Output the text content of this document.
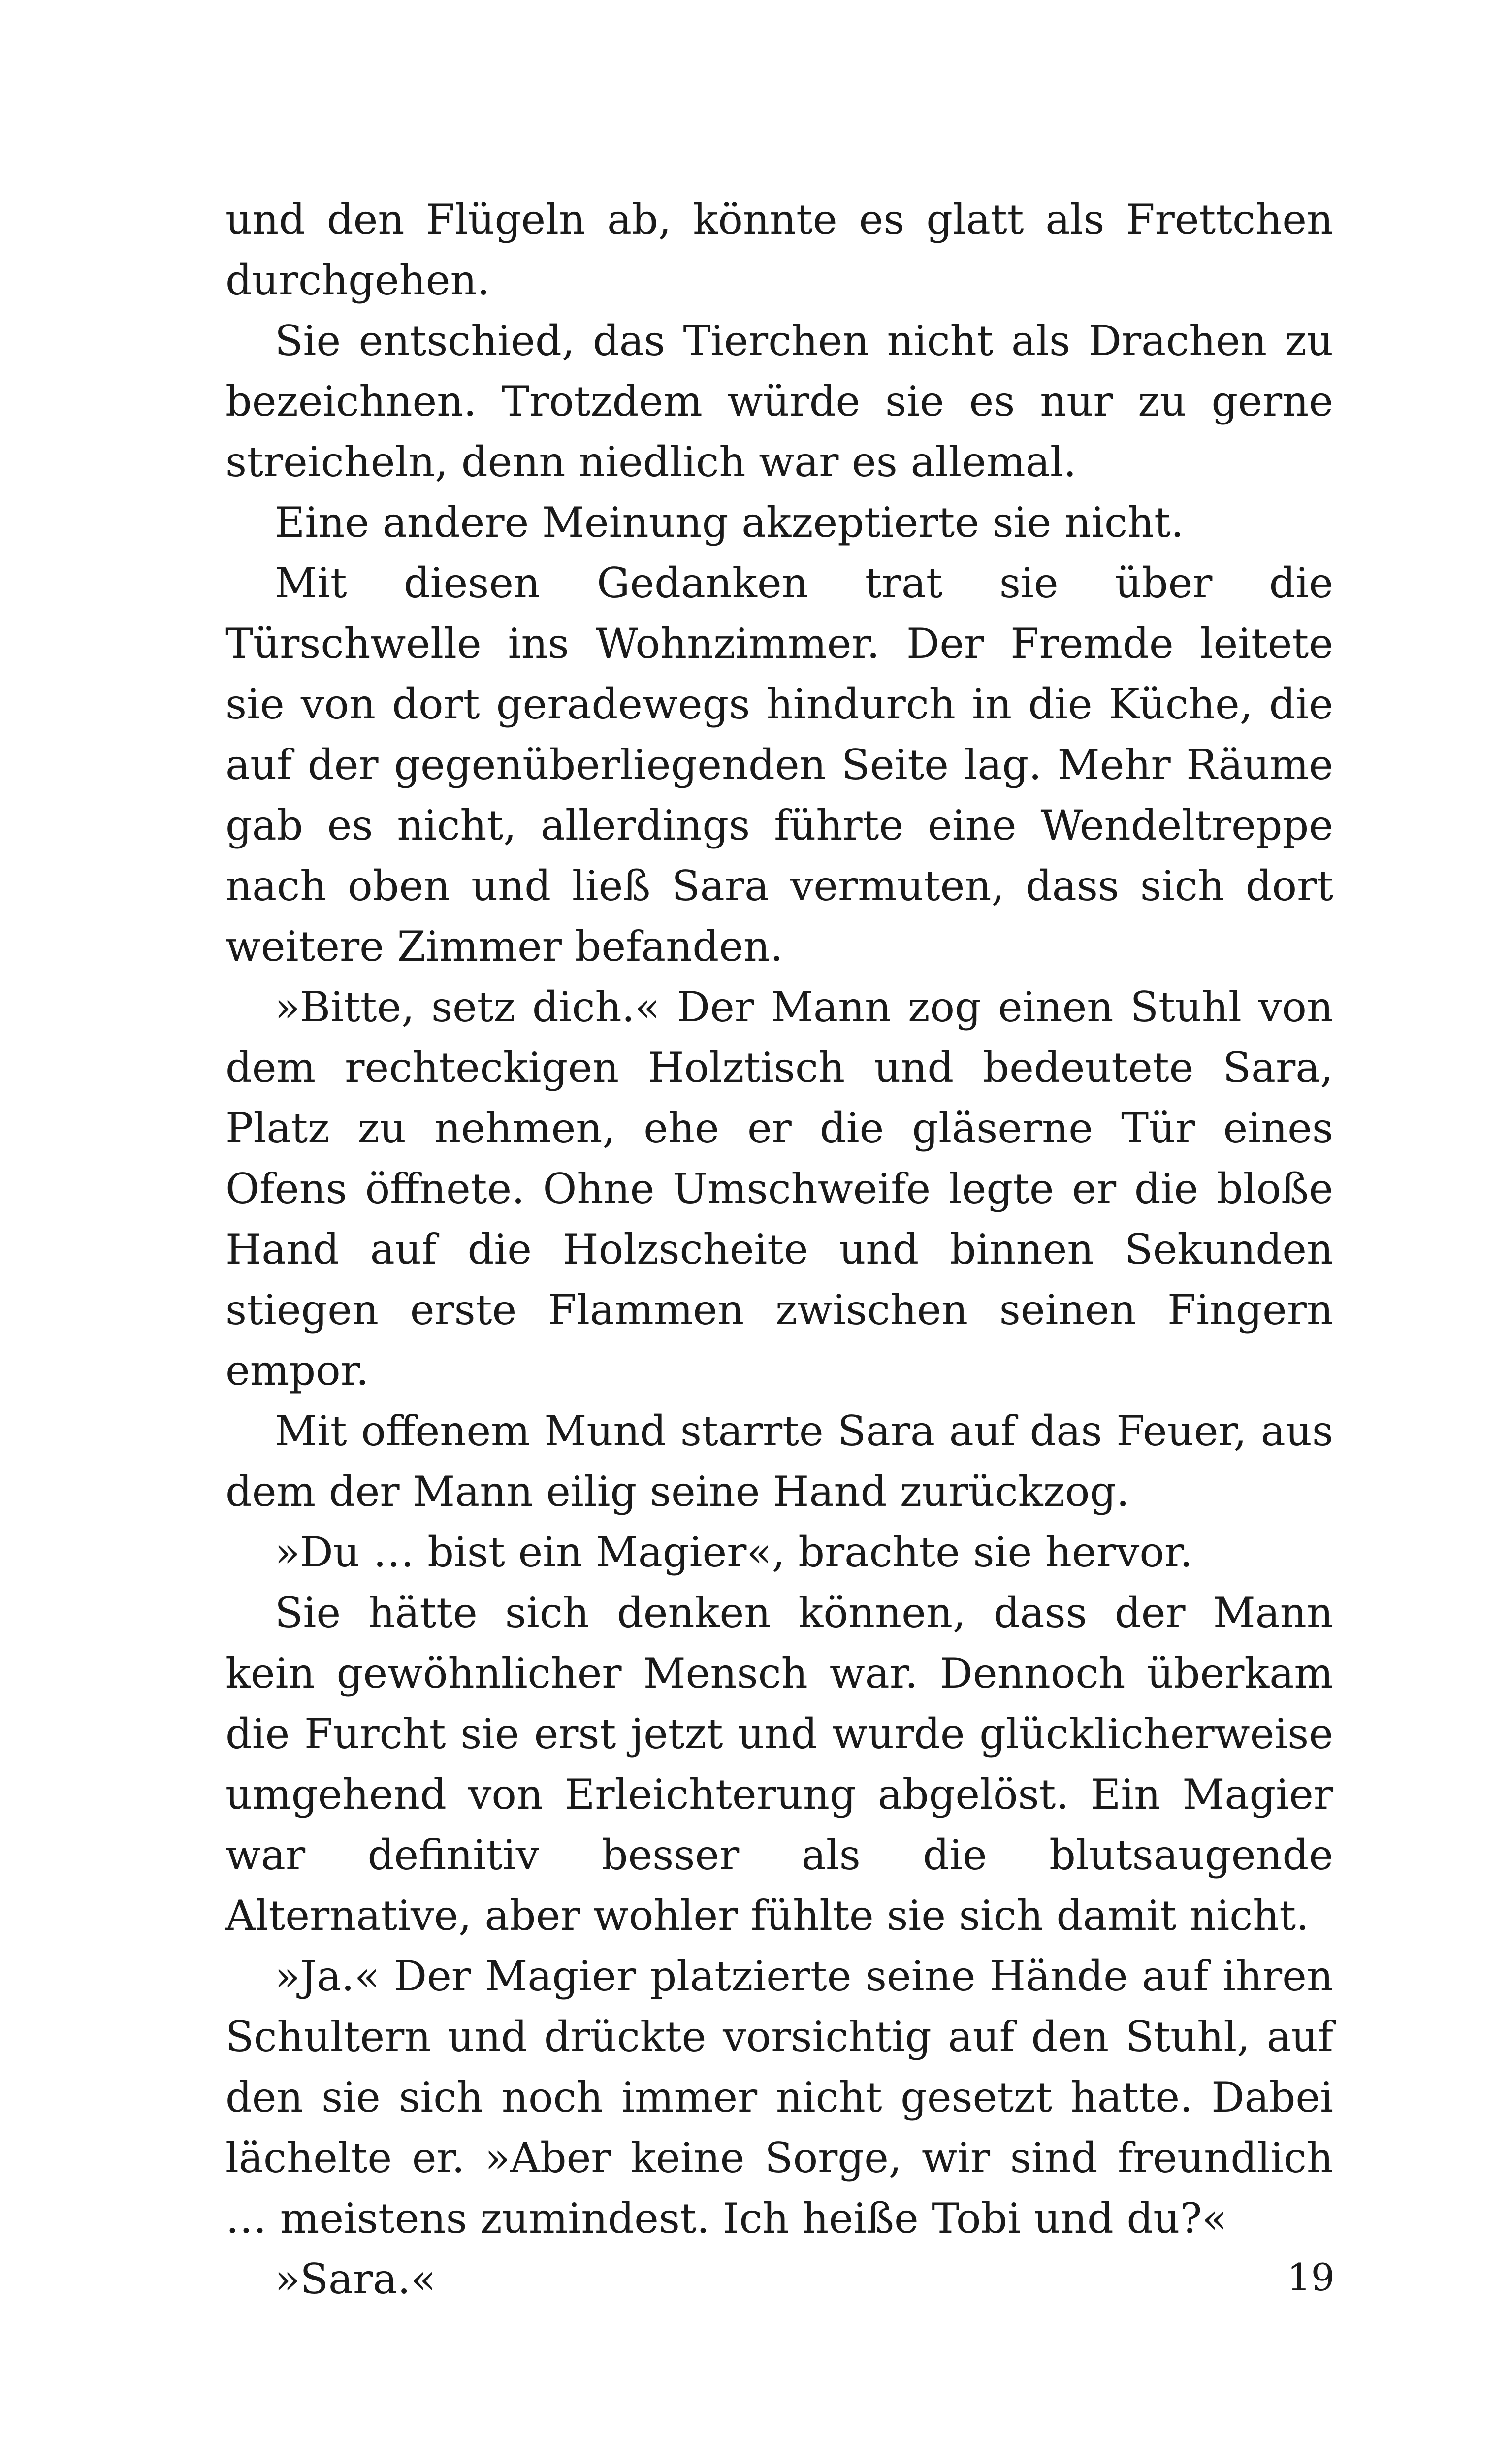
und den Flügeln ab, könnte es glatt als Frettchen durchgehen.

Sie entschied, das Tierchen nicht als Drachen zu bezeichnen. Trotzdem würde sie es nur zu gerne streicheln, denn niedlich war es allemal.

Eine andere Meinung akzeptierte sie nicht.

Mit diesen Gedanken trat sie über die Türschwelle ins Wohnzimmer. Der Fremde leitete sie von dort geradewegs hindurch in die Küche, die auf der gegenüberliegenden Seite lag. Mehr Räume gab es nicht, allerdings führte eine Wendeltreppe nach oben und ließ Sara vermuten, dass sich dort weitere Zimmer befanden.

»Bitte, setz dich.« Der Mann zog einen Stuhl von dem rechteckigen Holztisch und bedeutete Sara, Platz zu nehmen, ehe er die gläserne Tür eines Ofens öffnete. Ohne Umschweife legte er die bloße Hand auf die Holzscheite und binnen Sekunden stiegen erste Flammen zwischen seinen Fingern empor.

Mit offenem Mund starrte Sara auf das Feuer, aus dem der Mann eilig seine Hand zurückzog.

»Du … bist ein Magier«, brachte sie hervor.

Sie hätte sich denken können, dass der Mann kein gewöhnlicher Mensch war. Dennoch überkam die Furcht sie erst jetzt und wurde glücklicherweise umgehend von Erleichterung abgelöst. Ein Magier war definitiv besser als die blutsaugende Alternative, aber wohler fühlte sie sich damit nicht.

»Ja.« Der Magier platzierte seine Hände auf ihren Schultern und drückte vorsichtig auf den Stuhl, auf den sie sich noch immer nicht gesetzt hatte. Dabei lächelte er. »Aber keine Sorge, wir sind freundlich … meistens zumindest. Ich heiße Tobi und du?«

»Sara.«	19
